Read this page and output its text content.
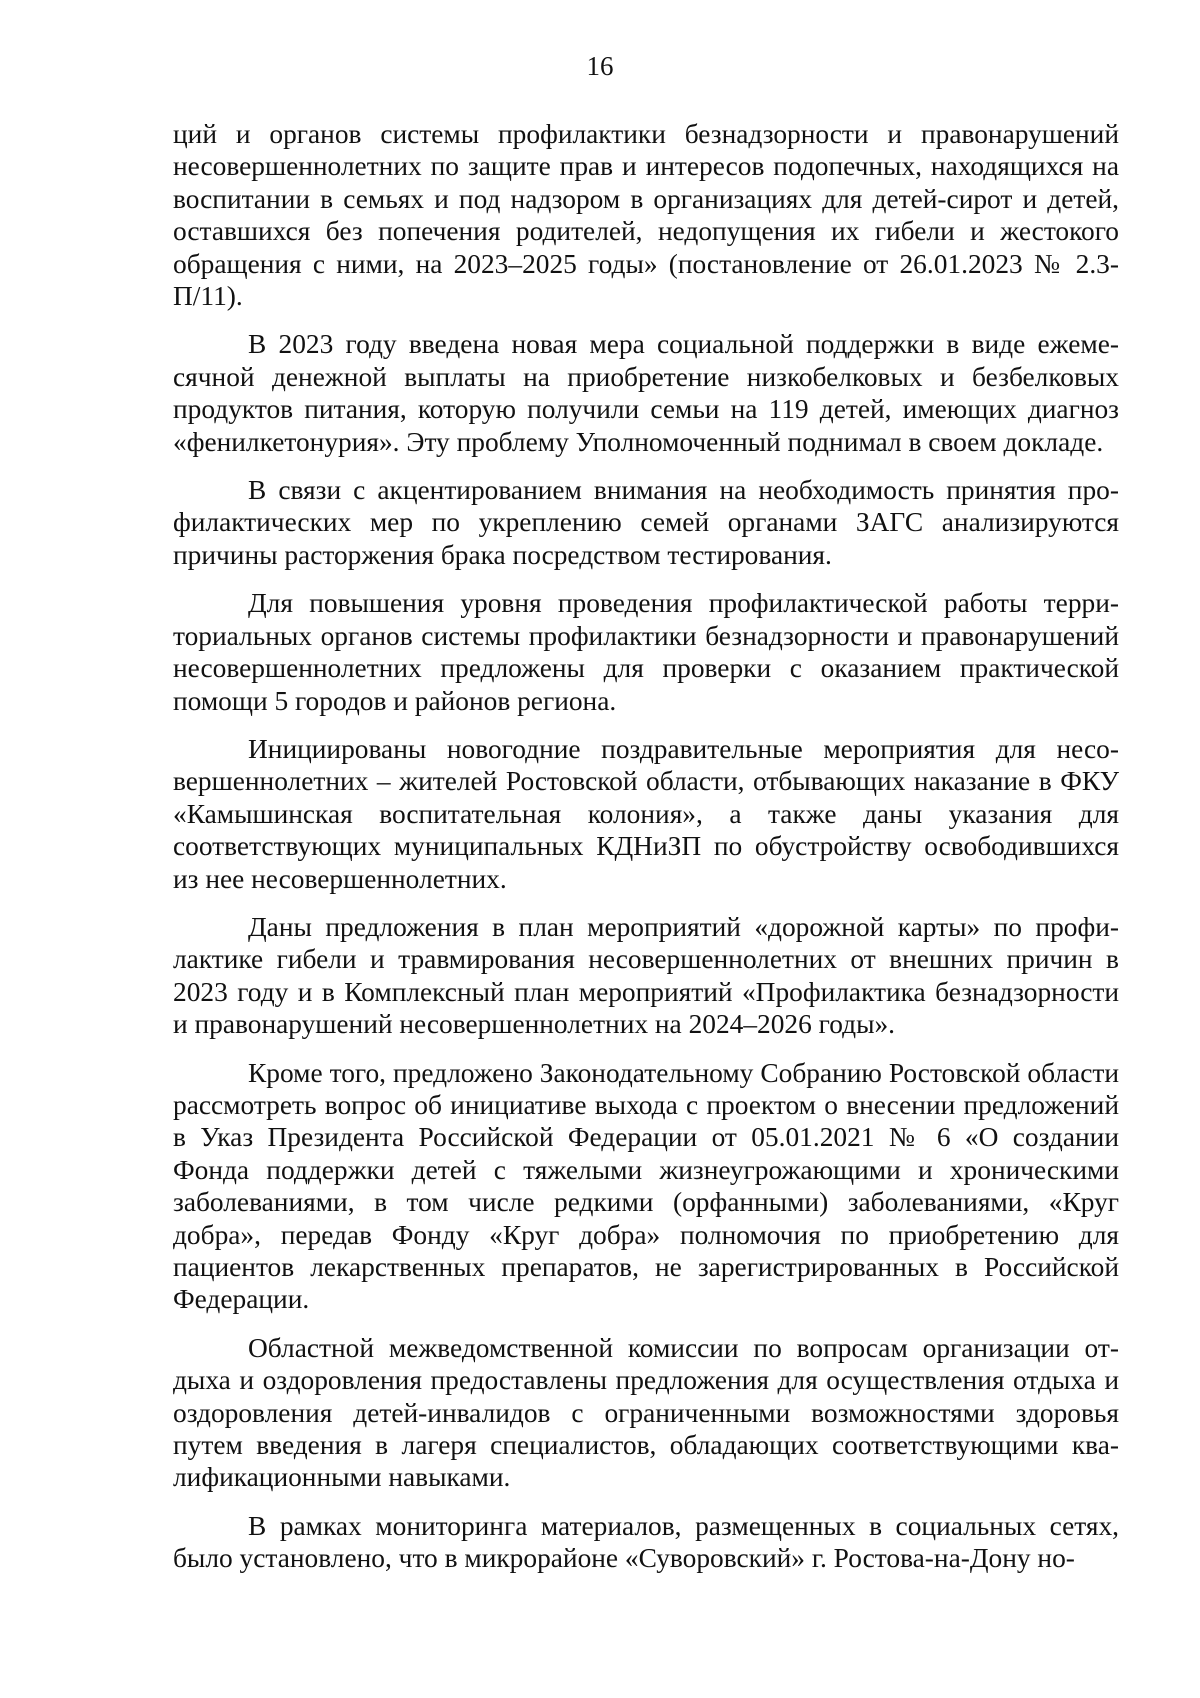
16

ций и органов системы профилактики безнадзорности и правонарушений несовершеннолетних по защите прав и интересов подопечных, находящихся на воспитании в семьях и под надзором в организациях для детей-сирот и детей, оставшихся без попечения родителей, недопущения их гибели и жестокого обращения с ними, на 2023–2025 годы» (постановление от 26.01.2023 № 2.3-П/11).

В 2023 году введена новая мера социальной поддержки в виде ежемесячной денежной выплаты на приобретение низкобелковых и безбелковых продуктов питания, которую получили семьи на 119 детей, имеющих диагноз «фенилкетонурия». Эту проблему Уполномоченный поднимал в своем докладе.

В связи с акцентированием внимания на необходимость принятия профилактических мер по укреплению семей органами ЗАГС анализируются причины расторжения брака посредством тестирования.

Для повышения уровня проведения профилактической работы территориальных органов системы профилактики безнадзорности и правонарушений несовершеннолетних предложены для проверки с оказанием практической помощи 5 городов и районов региона.

Инициированы новогодние поздравительные мероприятия для несовершеннолетних – жителей Ростовской области, отбывающих наказание в ФКУ «Камышинская воспитательная колония», а также даны указания для соответствующих муниципальных КДНиЗП по обустройству освободившихся из нее несовершеннолетних.

Даны предложения в план мероприятий «дорожной карты» по профилактике гибели и травмирования несовершеннолетних от внешних причин в 2023 году и в Комплексный план мероприятий «Профилактика безнадзорности и правонарушений несовершеннолетних на 2024–2026 годы».

Кроме того, предложено Законодательному Собранию Ростовской области рассмотреть вопрос об инициативе выхода с проектом о внесении предложений в Указ Президента Российской Федерации от 05.01.2021 № 6 «О создании Фонда поддержки детей с тяжелыми жизнеугрожающими и хроническими заболеваниями, в том числе редкими (орфанными) заболеваниями, «Круг добра», передав Фонду «Круг добра» полномочия по приобретению для пациентов лекарственных препаратов, не зарегистрированных в Российской Федерации.

Областной межведомственной комиссии по вопросам организации отдыха и оздоровления предоставлены предложения для осуществления отдыха и оздоровления детей-инвалидов с ограниченными возможностями здоровья путем введения в лагеря специалистов, обладающих соответствующими квалификационными навыками.

В рамках мониторинга материалов, размещенных в социальных сетях, было установлено, что в микрорайоне «Суворовский» г. Ростова-на-Дону но-
